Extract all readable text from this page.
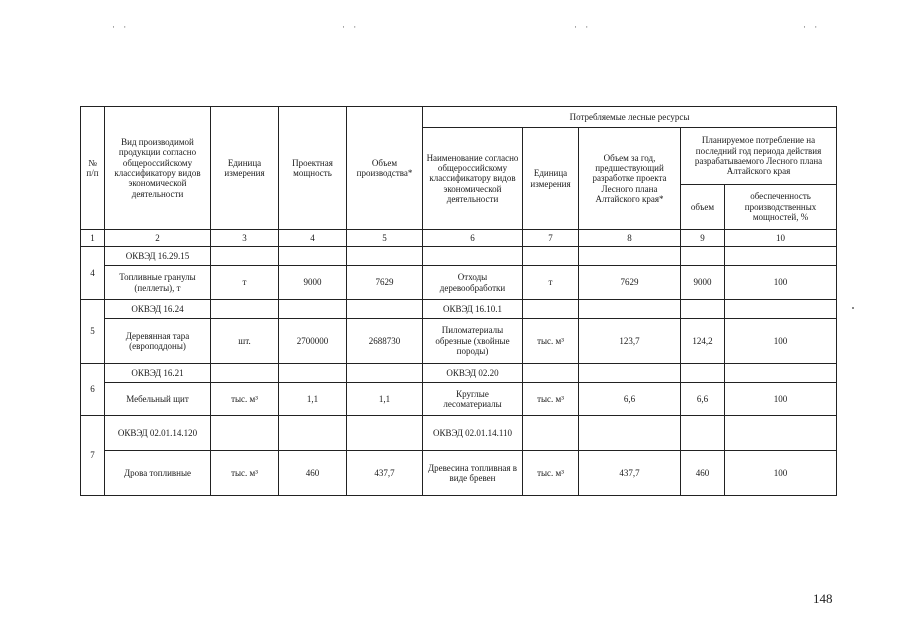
· ·	· ·	· ·	· ·
№
п/п	Вид производимой продукции согласно общероссийскому классификатору видов экономической деятельности	Единица измерения	Проектная мощность	Объем производства*	Потребляемые лесные ресурсы				
					Наименование согласно общероссийскому классификатору видов экономической деятельности	Единица измерения	Объем за год, предшествующий разработке проекта Лесного плана Алтайского края*	Планируемое потребление на последний год периода действия разрабатываемого Лесного плана Алтайского края	
								объем	обеспеченность производственных мощностей, %
1	2	3	4	5	6	7	8	9	10
4	ОКВЭД 16.29.15								
	Топливные гранулы (пеллеты), т	т	9000	7629	Отходы деревообработки	т	7629	9000	100
5	ОКВЭД 16.24				ОКВЭД 16.10.1				
	Деревянная тара (европоддоны)	шт.	2700000	2688730	Пиломатериалы обрезные (хвойные породы)	тыс. м³	123,7	124,2	100
6	ОКВЭД 16.21				ОКВЭД 02.20				
	Мебельный щит	тыс. м³	1,1	1,1	Круглые лесоматериалы	тыс. м³	6,6	6,6	100
7	ОКВЭД 02.01.14.120				ОКВЭД 02.01.14.110				
	Дрова топливные	тыс. м³	460	437,7	Древесина топливная в виде бревен	тыс. м³	437,7	460	100
148
